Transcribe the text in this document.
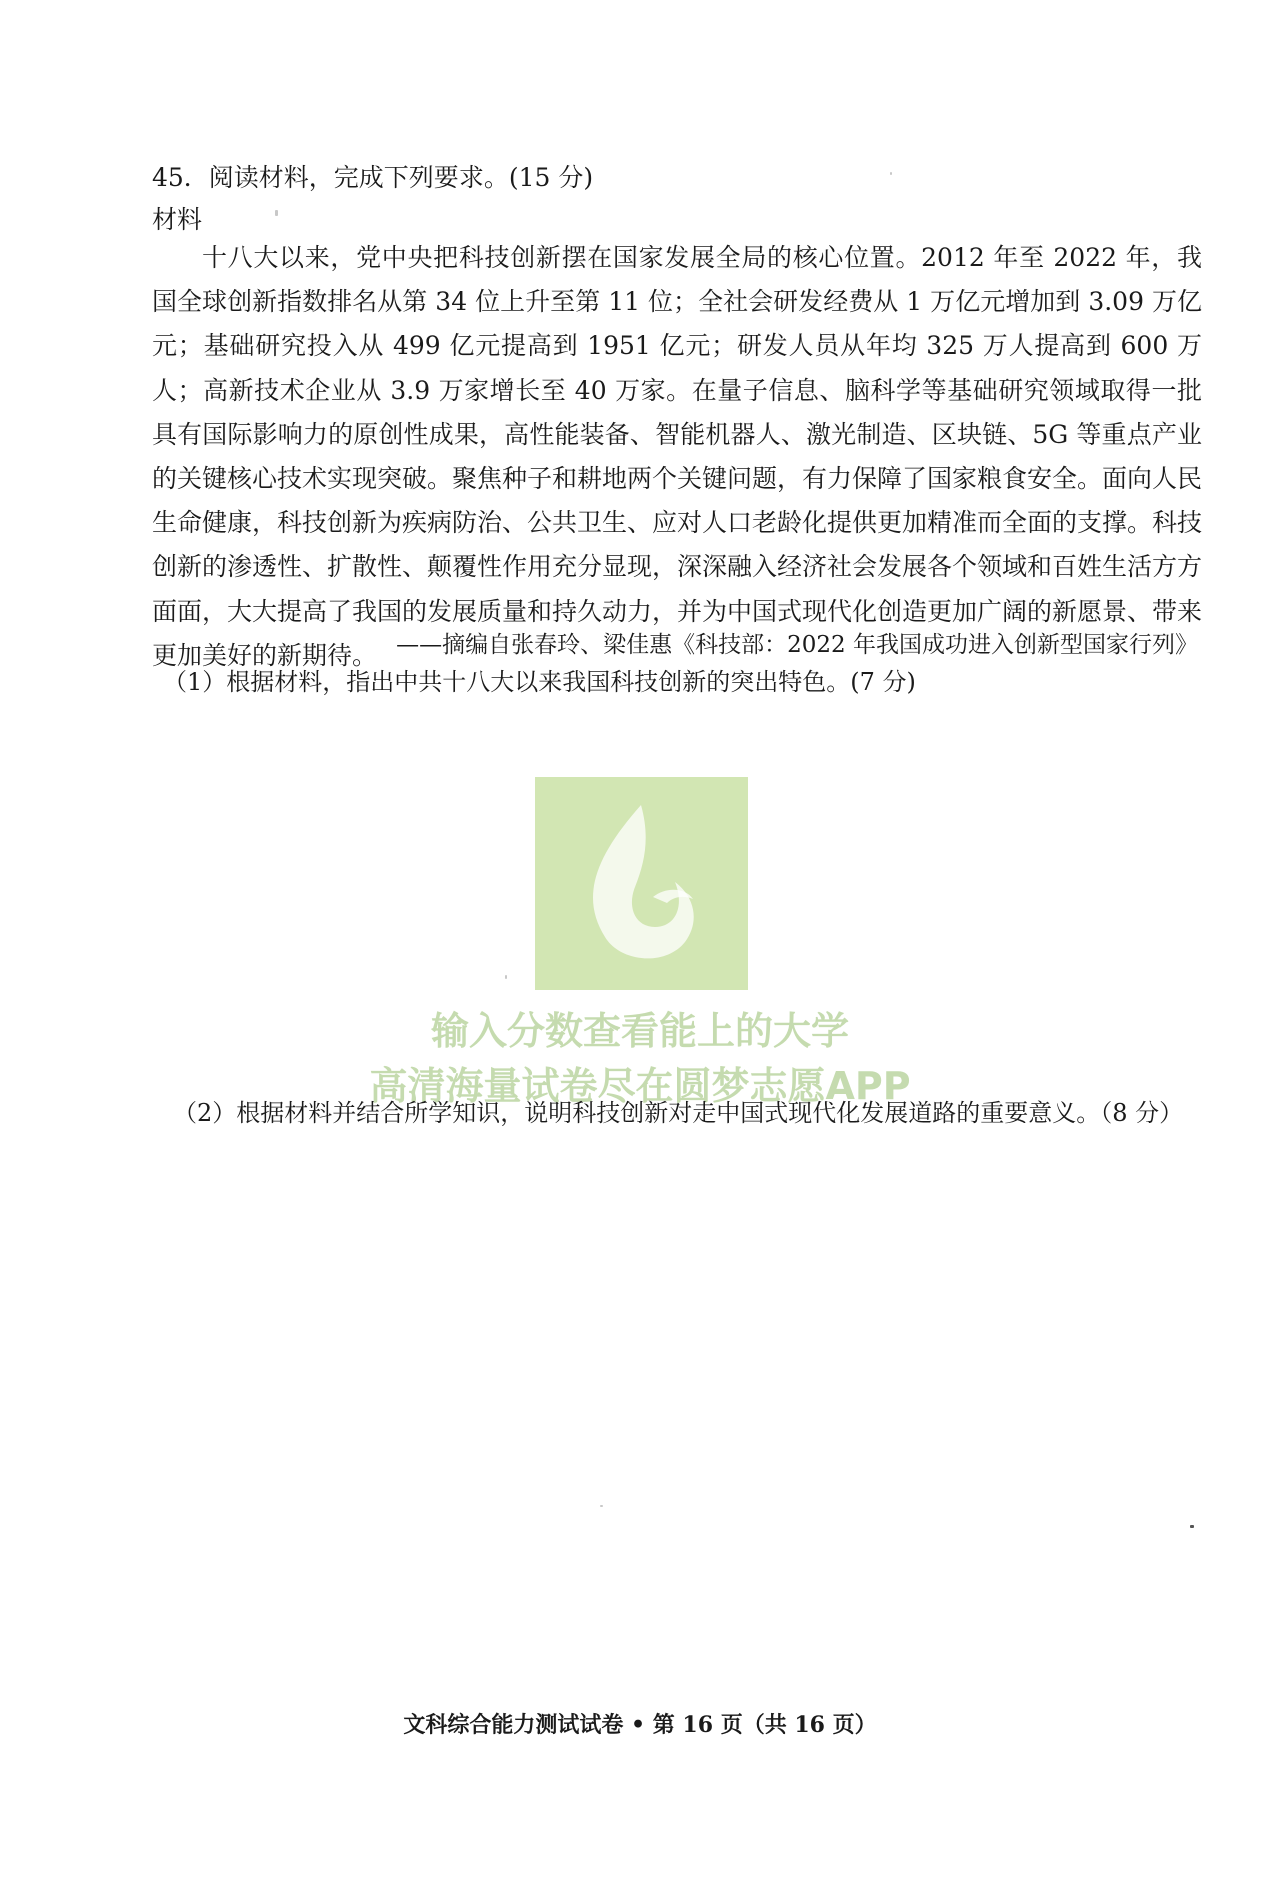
45．阅读材料，完成下列要求。(15 分)
材料
十八大以来，党中央把科技创新摆在国家发展全局的核心位置。2012 年至 2022 年，我国全球创新指数排名从第 34 位上升至第 11 位；全社会研发经费从 1 万亿元增加到 3.09 万亿元；基础研究投入从 499 亿元提高到 1951 亿元；研发人员从年均 325 万人提高到 600 万人；高新技术企业从 3.9 万家增长至 40 万家。在量子信息、脑科学等基础研究领域取得一批具有国际影响力的原创性成果，高性能装备、智能机器人、激光制造、区块链、5G 等重点产业的关键核心技术实现突破。聚焦种子和耕地两个关键问题，有力保障了国家粮食安全。面向人民生命健康，科技创新为疾病防治、公共卫生、应对人口老龄化提供更加精准而全面的支撑。科技创新的渗透性、扩散性、颠覆性作用充分显现，深深融入经济社会发展各个领域和百姓生活方方面面，大大提高了我国的发展质量和持久动力，并为中国式现代化创造更加广阔的新愿景、带来更加美好的新期待。 ——摘编自张春玲、梁佳惠《科技部：2022 年我国成功进入创新型国家行列》
（1）根据材料，指出中共十八大以来我国科技创新的突出特色。(7 分)
输入分数查看能上的大学
高清海量试卷尽在圆梦志愿APP
（2）根据材料并结合所学知识，说明科技创新对走中国式现代化发展道路的重要意义。（8 分）
文科综合能力测试试卷 • 第 16 页（共 16 页）
